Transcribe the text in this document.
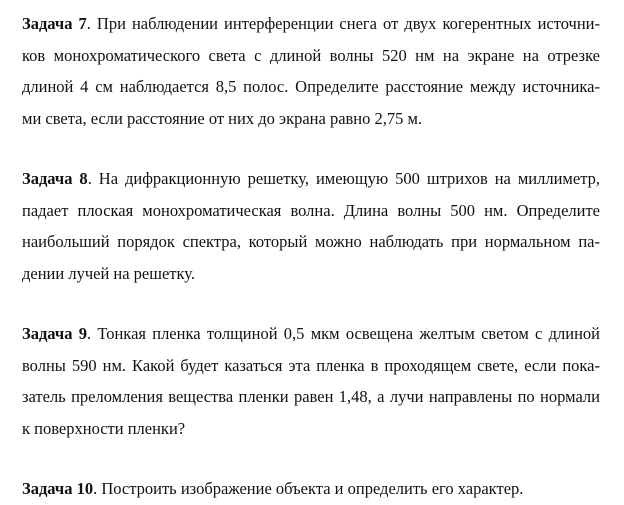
Задача 7. При наблюдении интерференции снега от двух когерентных источни-
ков монохроматического света с длиной волны 520 нм на экране на отрезке
длиной 4 см наблюдается 8,5 полос. Определите расстояние между источника-
ми света, если расстояние от них до экрана равно 2,75 м.

Задача 8. На дифракционную решетку, имеющую 500 штрихов на миллиметр,
падает плоская монохроматическая волна. Длина волны 500 нм. Определите
наибольший порядок спектра, который можно наблюдать при нормальном па-
дении лучей на решетку.

Задача 9. Тонкая пленка толщиной 0,5 мкм освещена желтым светом с длиной
волны 590 нм. Какой будет казаться эта пленка в проходящем свете, если пока-
затель преломления вещества пленки равен 1,48, а лучи направлены по нормали
к поверхности пленки?

Задача 10. Построить изображение объекта и определить его характер.
